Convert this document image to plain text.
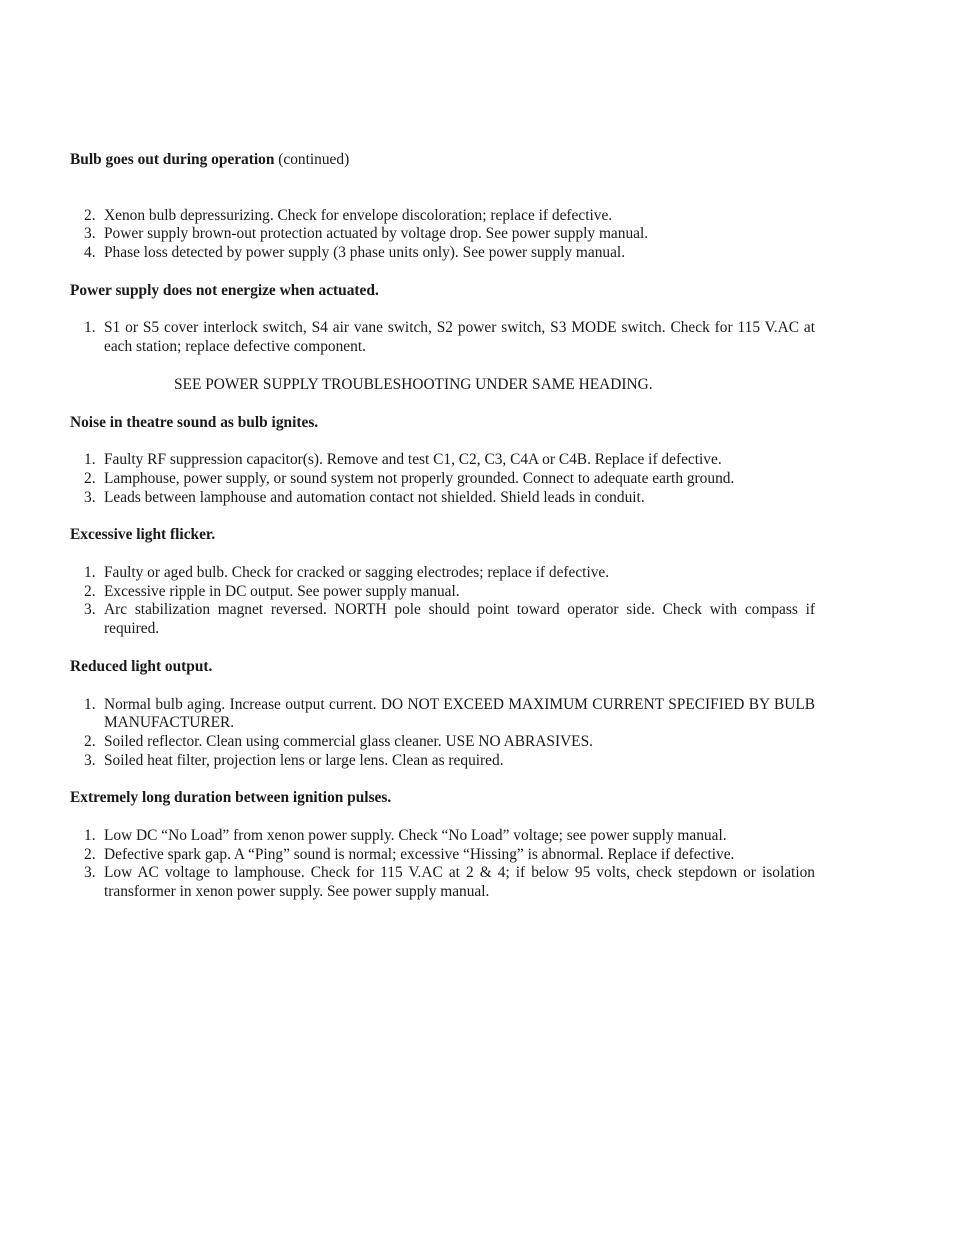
Bulb goes out during operation (continued)

2. Xenon bulb depressurizing. Check for envelope discoloration; replace if defective.
3. Power supply brown-out protection actuated by voltage drop. See power supply manual.
4. Phase loss detected by power supply (3 phase units only). See power supply manual.

Power supply does not energize when actuated.

1. S1 or S5 cover interlock switch, S4 air vane switch, S2 power switch, S3 MODE switch. Check for 115 V.AC at each station; replace defective component.

SEE POWER SUPPLY TROUBLESHOOTING UNDER SAME HEADING.

Noise in theatre sound as bulb ignites.

1. Faulty RF suppression capacitor(s). Remove and test C1, C2, C3, C4A or C4B. Replace if defective.
2. Lamphouse, power supply, or sound system not properly grounded. Connect to adequate earth ground.
3. Leads between lamphouse and automation contact not shielded. Shield leads in conduit.

Excessive light flicker.

1. Faulty or aged bulb. Check for cracked or sagging electrodes; replace if defective.
2. Excessive ripple in DC output. See power supply manual.
3. Arc stabilization magnet reversed. NORTH pole should point toward operator side. Check with compass if required.

Reduced light output.

1. Normal bulb aging. Increase output current. DO NOT EXCEED MAXIMUM CURRENT SPECIFIED BY BULB MANUFACTURER.
2. Soiled reflector. Clean using commercial glass cleaner. USE NO ABRASIVES.
3. Soiled heat filter, projection lens or large lens. Clean as required.

Extremely long duration between ignition pulses.

1. Low DC “No Load” from xenon power supply. Check “No Load” voltage; see power supply manual.
2. Defective spark gap. A “Ping” sound is normal; excessive “Hissing” is abnormal. Replace if defective.
3. Low AC voltage to lamphouse. Check for 115 V.AC at 2 & 4; if below 95 volts, check stepdown or isolation transformer in xenon power supply. See power supply manual.
